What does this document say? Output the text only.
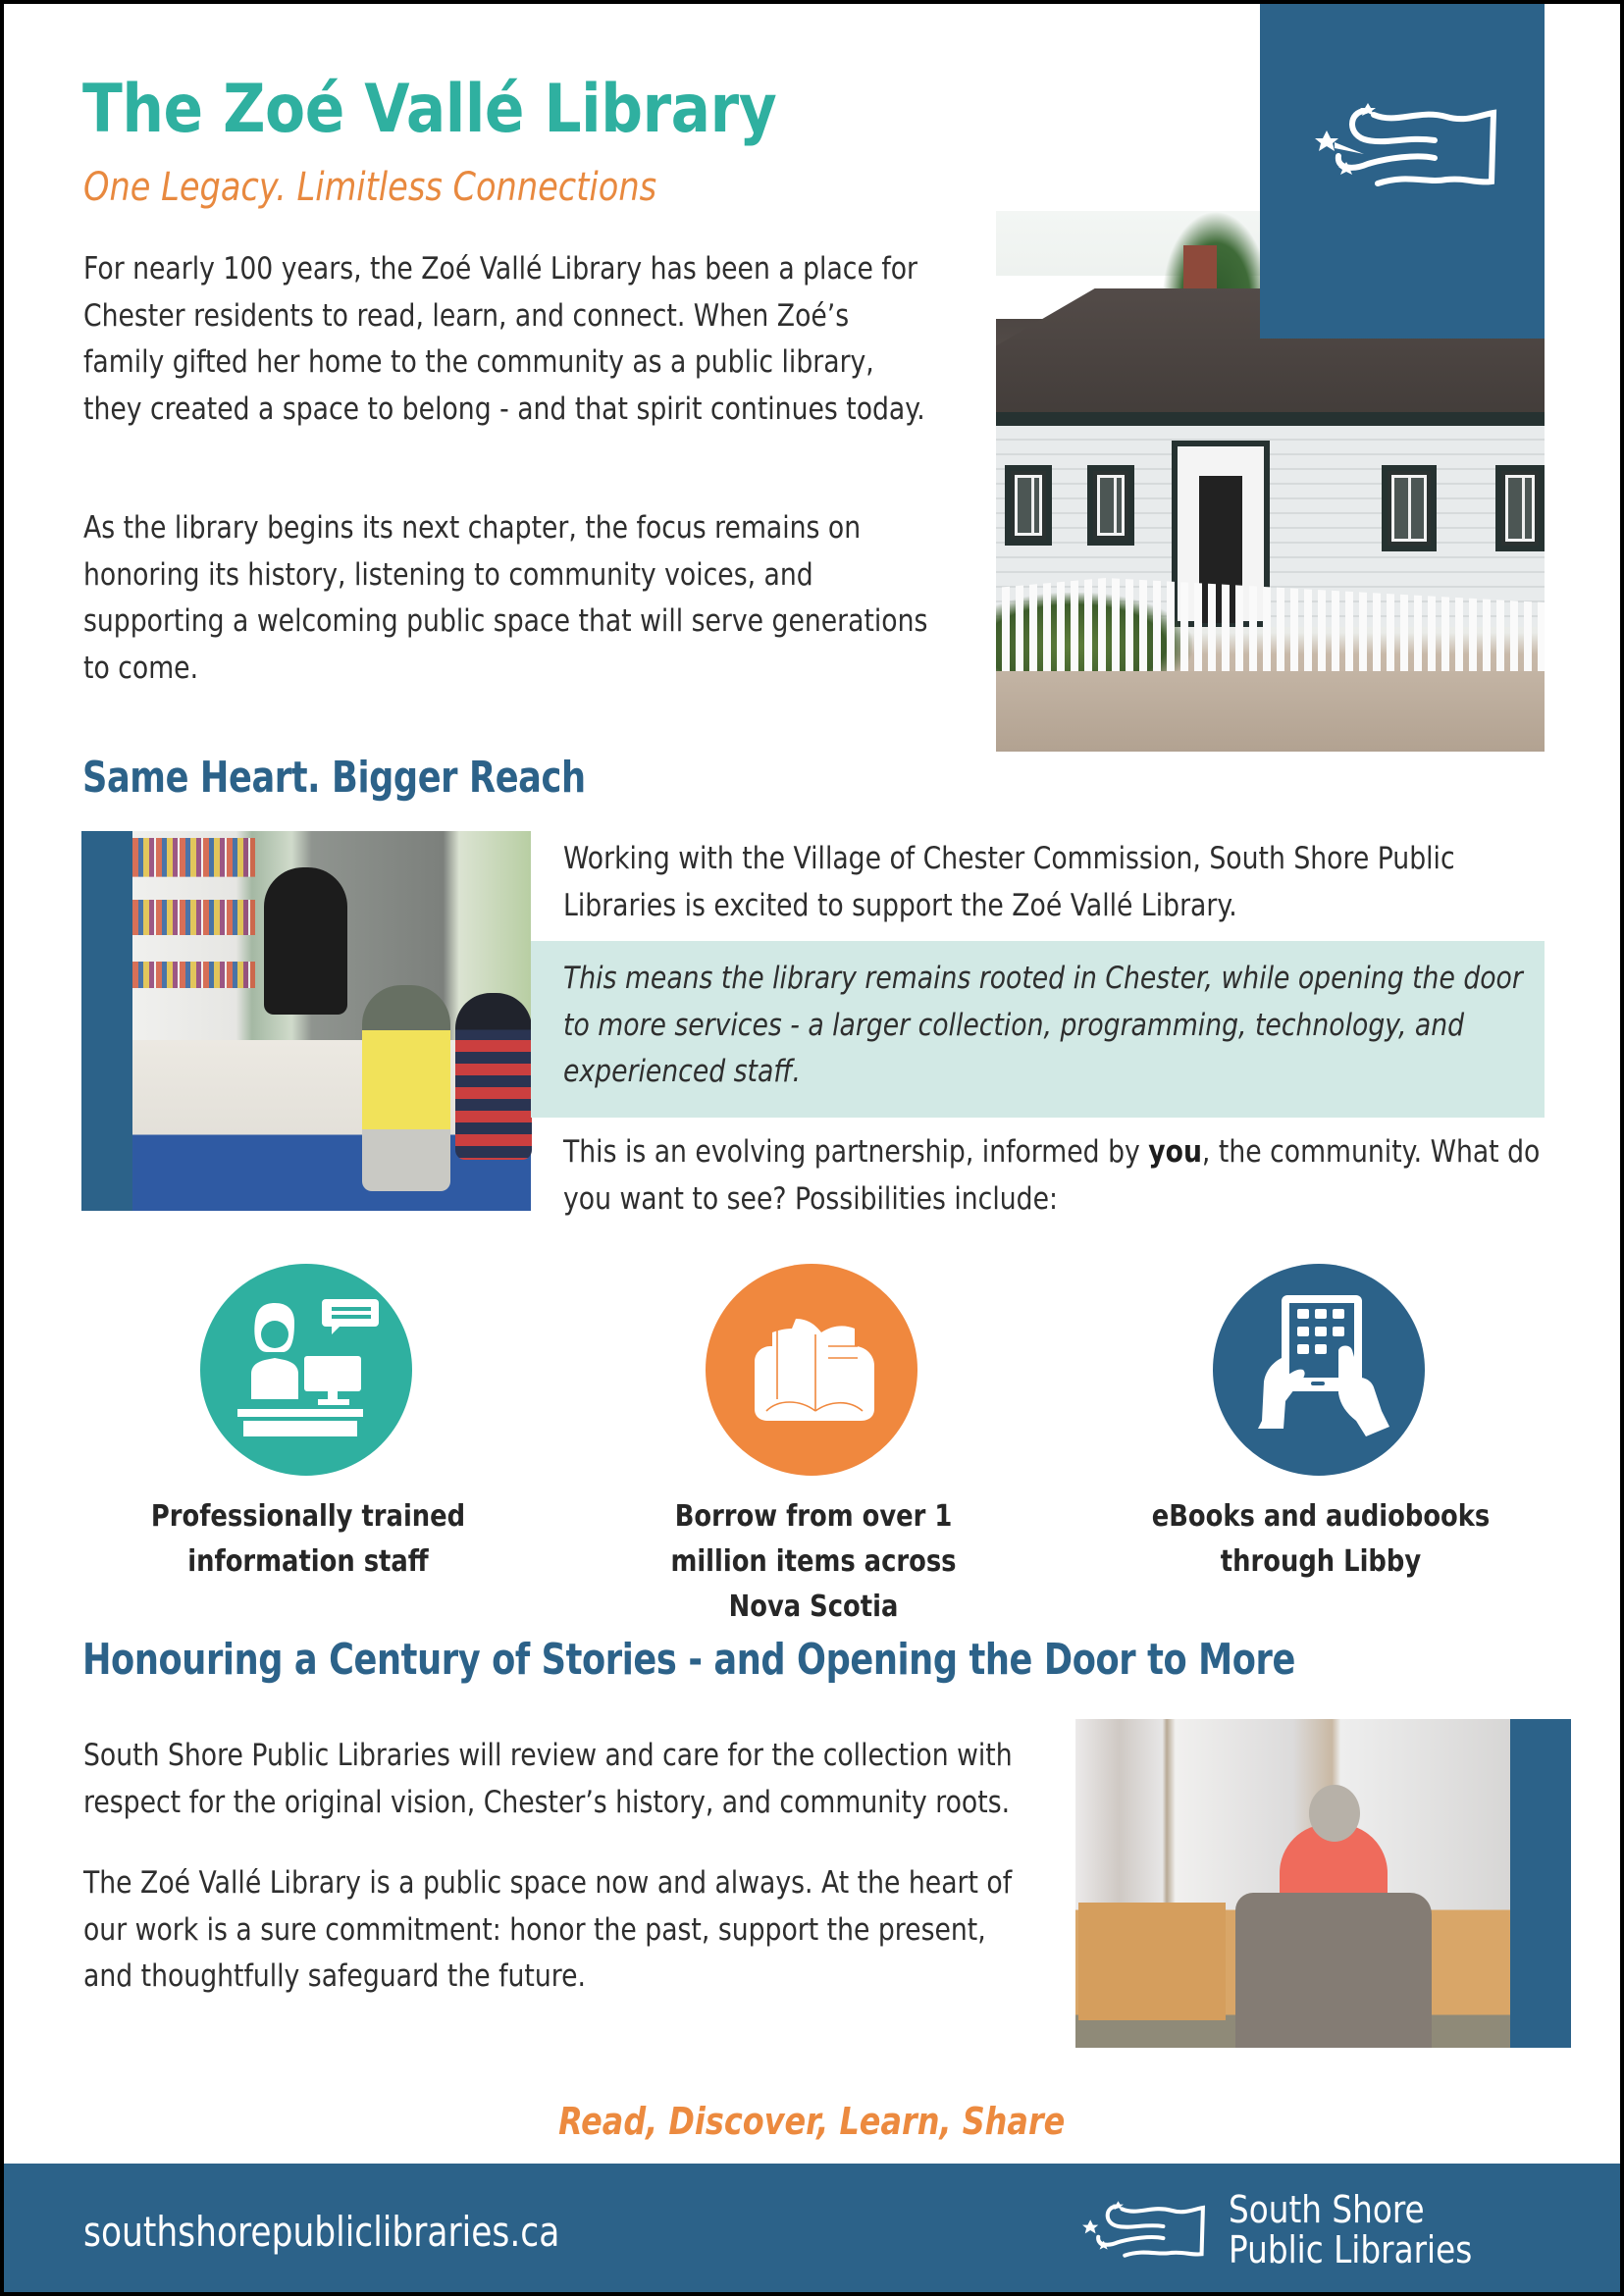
The Zoé Vallé Library
One Legacy. Limitless Connections

For nearly 100 years, the Zoé Vallé Library has been a place for Chester residents to read, learn, and connect. When Zoé’s family gifted her home to the community as a public library, they created a space to belong - and that spirit continues today.

As the library begins its next chapter, the focus remains on honoring its history, listening to community voices, and supporting a welcoming public space that will serve generations to come.

Same Heart. Bigger Reach

Working with the Village of Chester Commission, South Shore Public Libraries is excited to support the Zoé Vallé Library.

This means the library remains rooted in Chester, while opening the door to more services - a larger collection, programming, technology, and experienced staff.

This is an evolving partnership, informed by you, the community. What do you want to see? Possibilities include:

Professionally trained information staff
Borrow from over 1 million items across Nova Scotia
eBooks and audiobooks through Libby
Honouring a Century of Stories - and Opening the Door to More

South Shore Public Libraries will review and care for the collection with respect for the original vision, Chester’s history, and community roots.

The Zoé Vallé Library is a public space now and always. At the heart of our work is a sure commitment: honor the past, support the present, and thoughtfully safeguard the future.

Read, Discover, Learn, Share
southshorepubliclibraries.ca	South Shore
Public Libraries
